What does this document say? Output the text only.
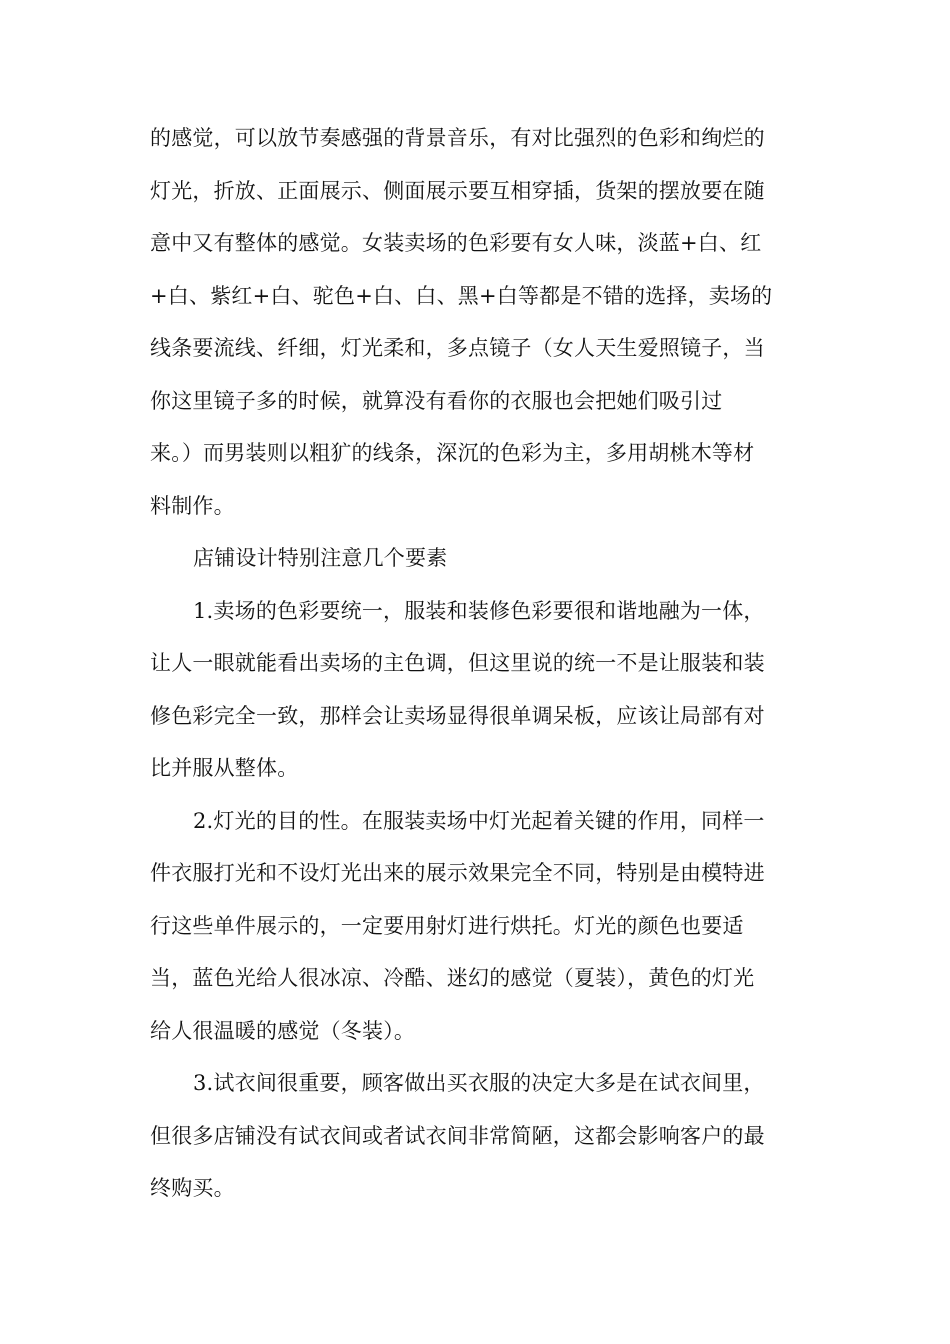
的感觉，可以放节奏感强的背景音乐，有对比强烈的色彩和绚烂的
灯光，折放、正面展示、侧面展示要互相穿插，货架的摆放要在随
意中又有整体的感觉。女装卖场的色彩要有女人味，淡蓝+白、红
+白、紫红+白、驼色+白、白、黑+白等都是不错的选择，卖场的
线条要流线、纤细，灯光柔和，多点镜子（女人天生爱照镜子，当
你这里镜子多的时候，就算没有看你的衣服也会把她们吸引过
来。）而男装则以粗犷的线条，深沉的色彩为主，多用胡桃木等材
料制作。
店铺设计特别注意几个要素
1.卖场的色彩要统一，服装和装修色彩要很和谐地融为一体，
让人一眼就能看出卖场的主色调，但这里说的统一不是让服装和装
修色彩完全一致，那样会让卖场显得很单调呆板，应该让局部有对
比并服从整体。
2.灯光的目的性。在服装卖场中灯光起着关键的作用，同样一
件衣服打光和不设灯光出来的展示效果完全不同，特别是由模特进
行这些单件展示的，一定要用射灯进行烘托。灯光的颜色也要适
当，蓝色光给人很冰凉、冷酷、迷幻的感觉（夏装），黄色的灯光
给人很温暖的感觉（冬装）。
3.试衣间很重要，顾客做出买衣服的决定大多是在试衣间里，
但很多店铺没有试衣间或者试衣间非常简陋，这都会影响客户的最
终购买。
